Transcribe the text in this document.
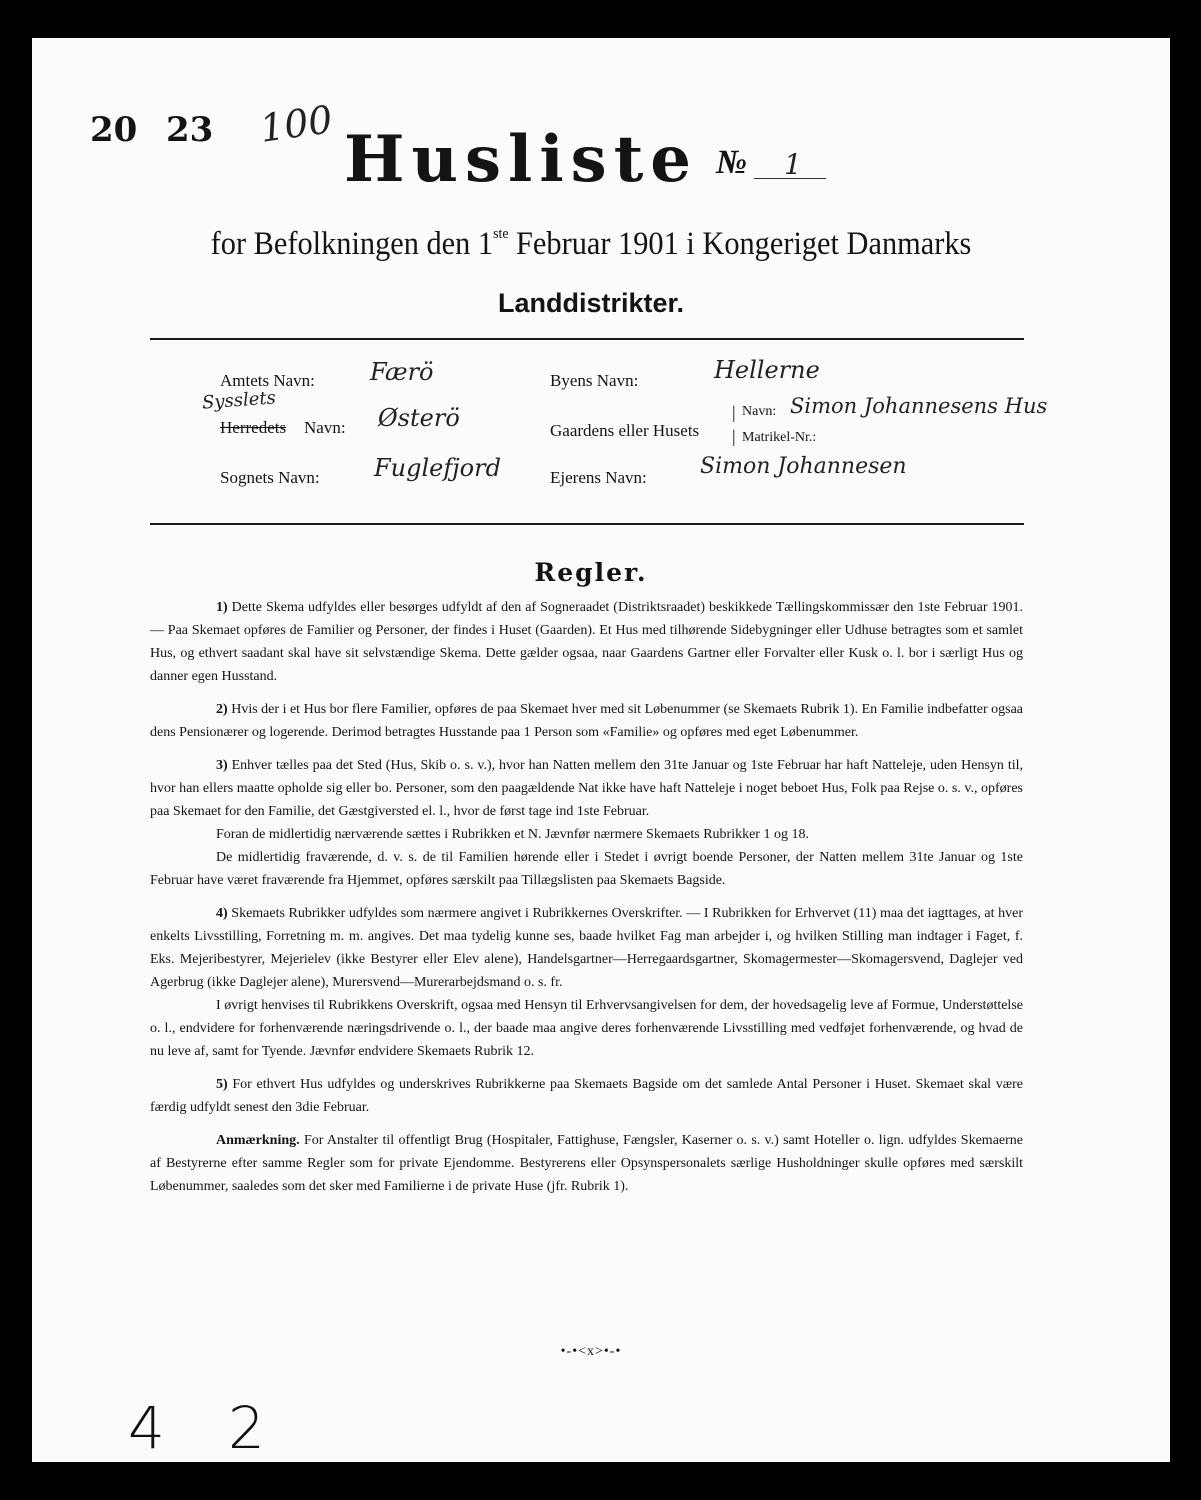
20 23 100 Husliste № 1
for Befolkningen den 1ste Februar 1901 i Kongeriget Danmarks
Landdistrikter.
Amtets Navn: Færö
Sysslets
Herredets Navn: Østerö
Sognets Navn: Fuglefjord
Byens Navn:	Hellerne
Gaardens eller Husets
|
|
Navn: Simon Johannesens Hus
Matrikel-Nr.:
Ejerens Navn: Simon Johannesen
Regler.

1) Dette Skema udfyldes eller besørges udfyldt af den af Sogneraadet (Distriktsraadet) beskikkede Tællingskommissær den 1ste Februar 1901. — Paa Skemaet opføres de Familier og Personer, der findes i Huset (Gaarden). Et Hus med tilhørende Sidebygninger eller Udhuse betragtes som et samlet Hus, og ethvert saadant skal have sit selvstændige Skema. Dette gælder ogsaa, naar Gaardens Gartner eller Forvalter eller Kusk o. l. bor i særligt Hus og danner egen Husstand.

2) Hvis der i et Hus bor flere Familier, opføres de paa Skemaet hver med sit Løbenummer (se Skemaets Rubrik 1). En Familie indbefatter ogsaa dens Pensionærer og logerende. Derimod betragtes Husstande paa 1 Person som «Familie» og opføres med eget Løbenummer.

3) Enhver tælles paa det Sted (Hus, Skib o. s. v.), hvor han Natten mellem den 31te Januar og 1ste Februar har haft Natteleje, uden Hensyn til, hvor han ellers maatte opholde sig eller bo. Personer, som den paagældende Nat ikke have haft Natteleje i noget beboet Hus, Folk paa Rejse o. s. v., opføres paa Skemaet for den Familie, det Gæstgiversted el. l., hvor de først tage ind 1ste Februar.

Foran de midlertidig nærværende sættes i Rubrikken et N. Jævnfør nærmere Skemaets Rubrikker 1 og 18.

De midlertidig fraværende, d. v. s. de til Familien hørende eller i Stedet i øvrigt boende Personer, der Natten mellem 31te Januar og 1ste Februar have været fraværende fra Hjemmet, opføres særskilt paa Tillægslisten paa Skemaets Bagside.

4) Skemaets Rubrikker udfyldes som nærmere angivet i Rubrikkernes Overskrifter. — I Rubrikken for Erhvervet (11) maa det iagttages, at hver enkelts Livsstilling, Forretning m. m. angives. Det maa tydelig kunne ses, baade hvilket Fag man arbejder i, og hvilken Stilling man indtager i Faget, f. Eks. Mejeribestyrer, Mejerielev (ikke Bestyrer eller Elev alene), Handelsgartner—Herregaardsgartner, Skomagermester—Skomagersvend, Daglejer ved Agerbrug (ikke Daglejer alene), Murersvend—Murerarbejdsmand o. s. fr.

I øvrigt henvises til Rubrikkens Overskrift, ogsaa med Hensyn til Erhvervsangivelsen for dem, der hovedsagelig leve af Formue, Understøttelse o. l., endvidere for forhenværende næringsdrivende o. l., der baade maa angive deres forhenværende Livsstilling med vedføjet forhenværende, og hvad de nu leve af, samt for Tyende. Jævnfør endvidere Skemaets Rubrik 12.

5) For ethvert Hus udfyldes og underskrives Rubrikkerne paa Skemaets Bagside om det samlede Antal Personer i Huset. Skemaet skal være færdig udfyldt senest den 3die Februar.

Anmærkning. For Anstalter til offentligt Brug (Hospitaler, Fattighuse, Fængsler, Kaserner o. s. v.) samt Hoteller o. lign. udfyldes Skemaerne af Bestyrerne efter samme Regler som for private Ejendomme. Bestyrerens eller Opsynspersonalets særlige Husholdninger skulle opføres med særskilt Løbenummer, saaledes som det sker med Familierne i de private Huse (jfr. Rubrik 1).

•-•<x>•-•
4 2
